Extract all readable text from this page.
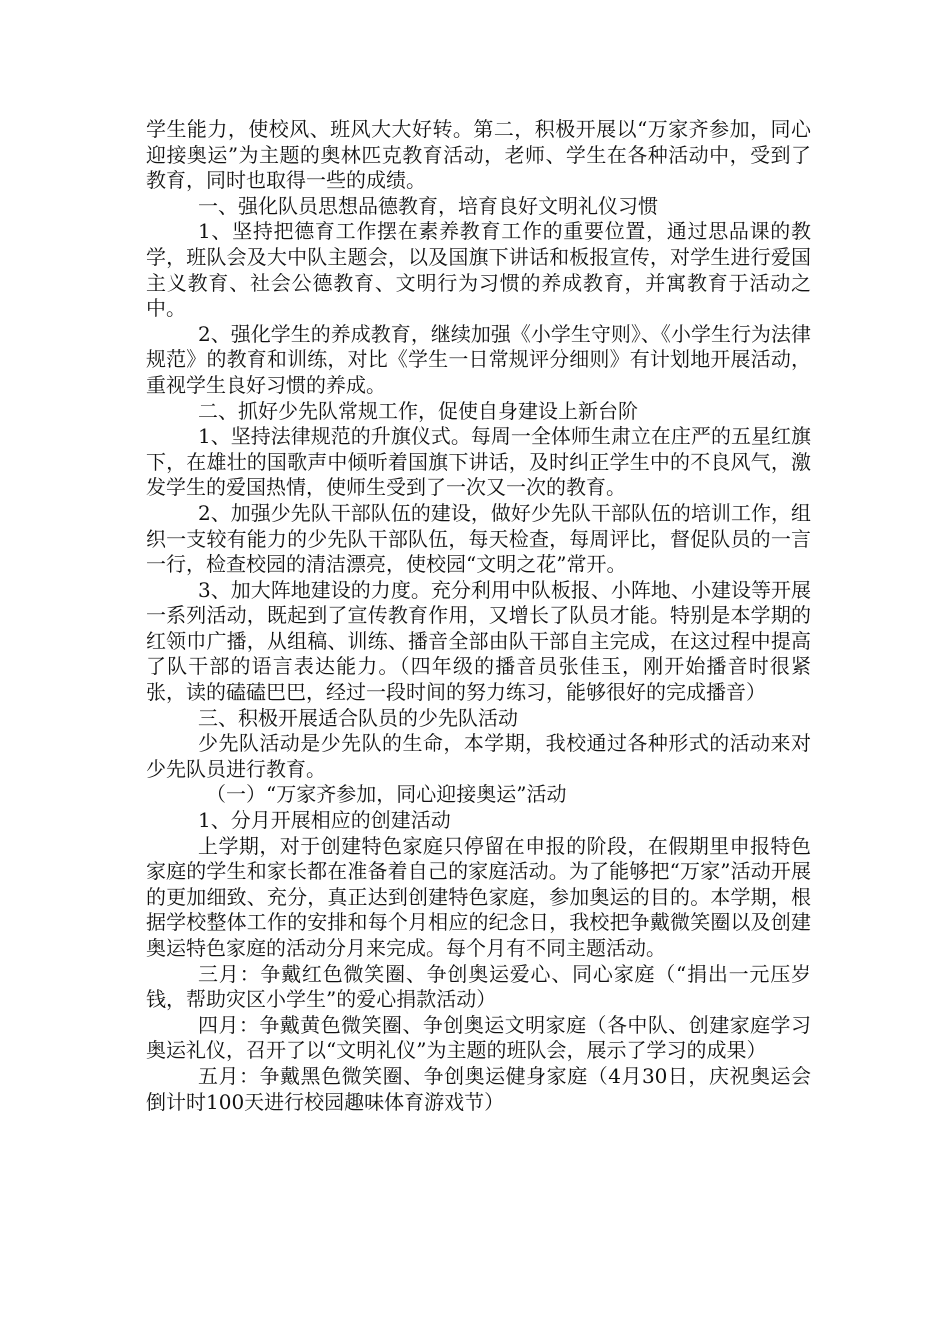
学生能力，使校风、班风大大好转。第二，积极开展以“万家齐参加，同心迎接奥运”为主题的奥林匹克教育活动，老师、学生在各种活动中，受到了教育，同时也取得一些的成绩。

一、强化队员思想品德教育，培育良好文明礼仪习惯

1、坚持把德育工作摆在素养教育工作的重要位置，通过思品课的教学，班队会及大中队主题会，以及国旗下讲话和板报宣传，对学生进行爱国主义教育、社会公德教育、文明行为习惯的养成教育，并寓教育于活动之中。

2、强化学生的养成教育，继续加强《小学生守则》、《小学生行为法律规范》的教育和训练，对比《学生一日常规评分细则》有计划地开展活动，重视学生良好习惯的养成。

二、抓好少先队常规工作，促使自身建设上新台阶

1、坚持法律规范的升旗仪式。每周一全体师生肃立在庄严的五星红旗下，在雄壮的国歌声中倾听着国旗下讲话，及时纠正学生中的不良风气，激发学生的爱国热情，使师生受到了一次又一次的教育。

2、加强少先队干部队伍的建设，做好少先队干部队伍的培训工作，组织一支较有能力的少先队干部队伍，每天检查，每周评比，督促队员的一言一行，检查校园的清洁漂亮，使校园“文明之花”常开。

3、加大阵地建设的力度。充分利用中队板报、小阵地、小建设等开展一系列活动，既起到了宣传教育作用，又增长了队员才能。特别是本学期的红领巾广播，从组稿、训练、播音全部由队干部自主完成，在这过程中提高了队干部的语言表达能力。（四年级的播音员张佳玉，刚开始播音时很紧张，读的磕磕巴巴，经过一段时间的努力练习，能够很好的完成播音）

三、积极开展适合队员的少先队活动

少先队活动是少先队的生命，本学期，我校通过各种形式的活动来对少先队员进行教育。

（一）“万家齐参加，同心迎接奥运”活动

1、分月开展相应的创建活动

上学期，对于创建特色家庭只停留在申报的阶段，在假期里申报特色家庭的学生和家长都在准备着自己的家庭活动。为了能够把“万家”活动开展的更加细致、充分，真正达到创建特色家庭，参加奥运的目的。本学期，根据学校整体工作的安排和每个月相应的纪念日，我校把争戴微笑圈以及创建奥运特色家庭的活动分月来完成。每个月有不同主题活动。

三月：争戴红色微笑圈、争创奥运爱心、同心家庭（“捐出一元压岁钱，帮助灾区小学生”的爱心捐款活动）

四月：争戴黄色微笑圈、争创奥运文明家庭（各中队、创建家庭学习奥运礼仪，召开了以“文明礼仪”为主题的班队会，展示了学习的成果）

五月：争戴黑色微笑圈、争创奥运健身家庭（4月30日，庆祝奥运会倒计时100天进行校园趣味体育游戏节）
